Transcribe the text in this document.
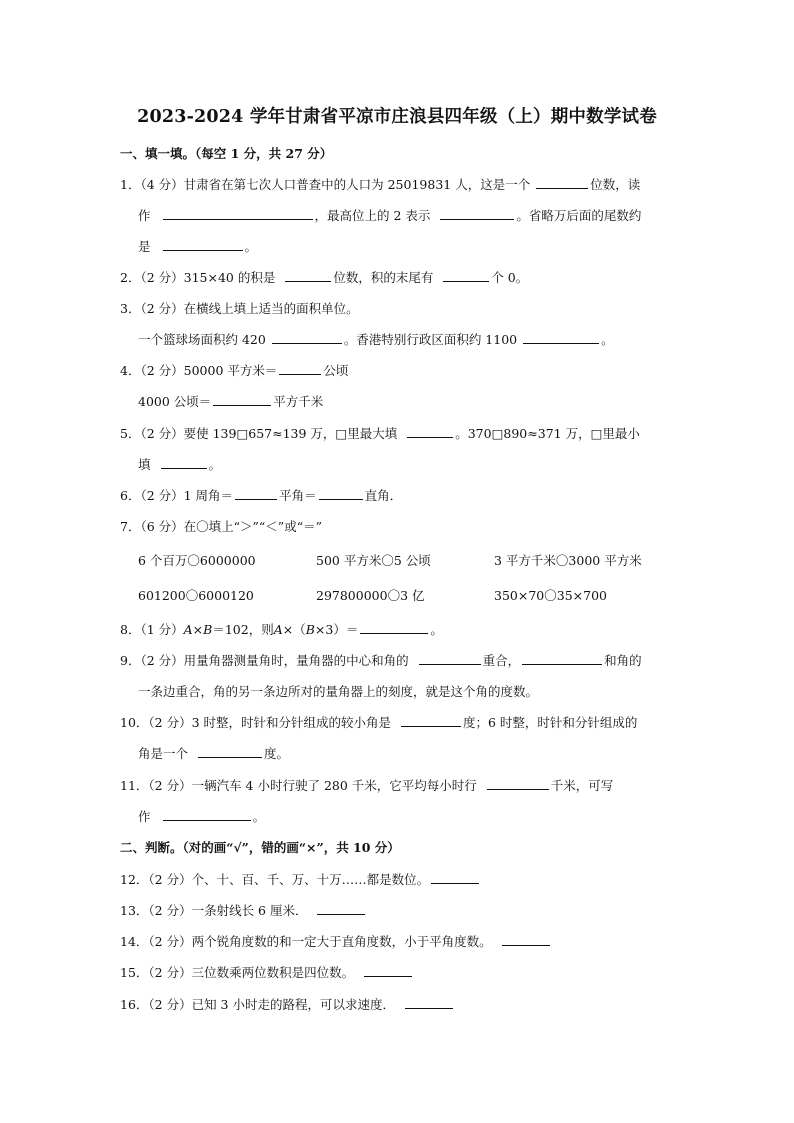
2023-2024 学年甘肃省平凉市庄浪县四年级（上）期中数学试卷
一、填一填。（每空 1 分，共 27 分）
1．（4 分）甘肃省在第七次人口普查中的人口为 25019831 人，这是一个	位数，读
作	，最高位上的 2 表示	。省略万后面的尾数约
是	。
2．（2 分）315×40 的积是	位数，积的末尾有	个 0。
3．（2 分）在横线上填上适当的面积单位。
一个篮球场面积约 420	。香港特别行政区面积约 1100	。
4．（2 分）50000 平方米＝	公顷
4000 公顷＝	平方千米
5．（2 分）要使 139□657≈139 万，□里最大填	。370□890≈371 万，□里最小
填	。
6．（2 分）1 周角＝	平角＝	直角．
7．（6 分）在〇填上“＞”“＜”或“＝”
6 个百万〇6000000	500 平方米〇5 公顷	3 平方千米〇3000 平方米
601200〇6000120	297800000〇3 亿	350×70〇35×700
8．（1 分）A×B＝102，则A×（B×3）＝	。
9．（2 分）用量角器测量角时，量角器的中心和角的	重合，	和角的
一条边重合，角的另一条边所对的量角器上的刻度，就是这个角的度数。
10．（2 分）3 时整，时针和分针组成的较小角是	度；6 时整，时针和分针组成的
角是一个	度。
11．（2 分）一辆汽车 4 小时行驶了 280 千米，它平均每小时行	千米，可写
作	。
二、判断。（对的画“√”，错的画“×”，共 10 分）
12．（2 分）个、十、百、千、万、十万……都是数位。
13．（2 分）一条射线长 6 厘米．
14．（2 分）两个锐角度数的和一定大于直角度数，小于平角度数。
15．（2 分）三位数乘两位数积是四位数。
16．（2 分）已知 3 小时走的路程，可以求速度．
